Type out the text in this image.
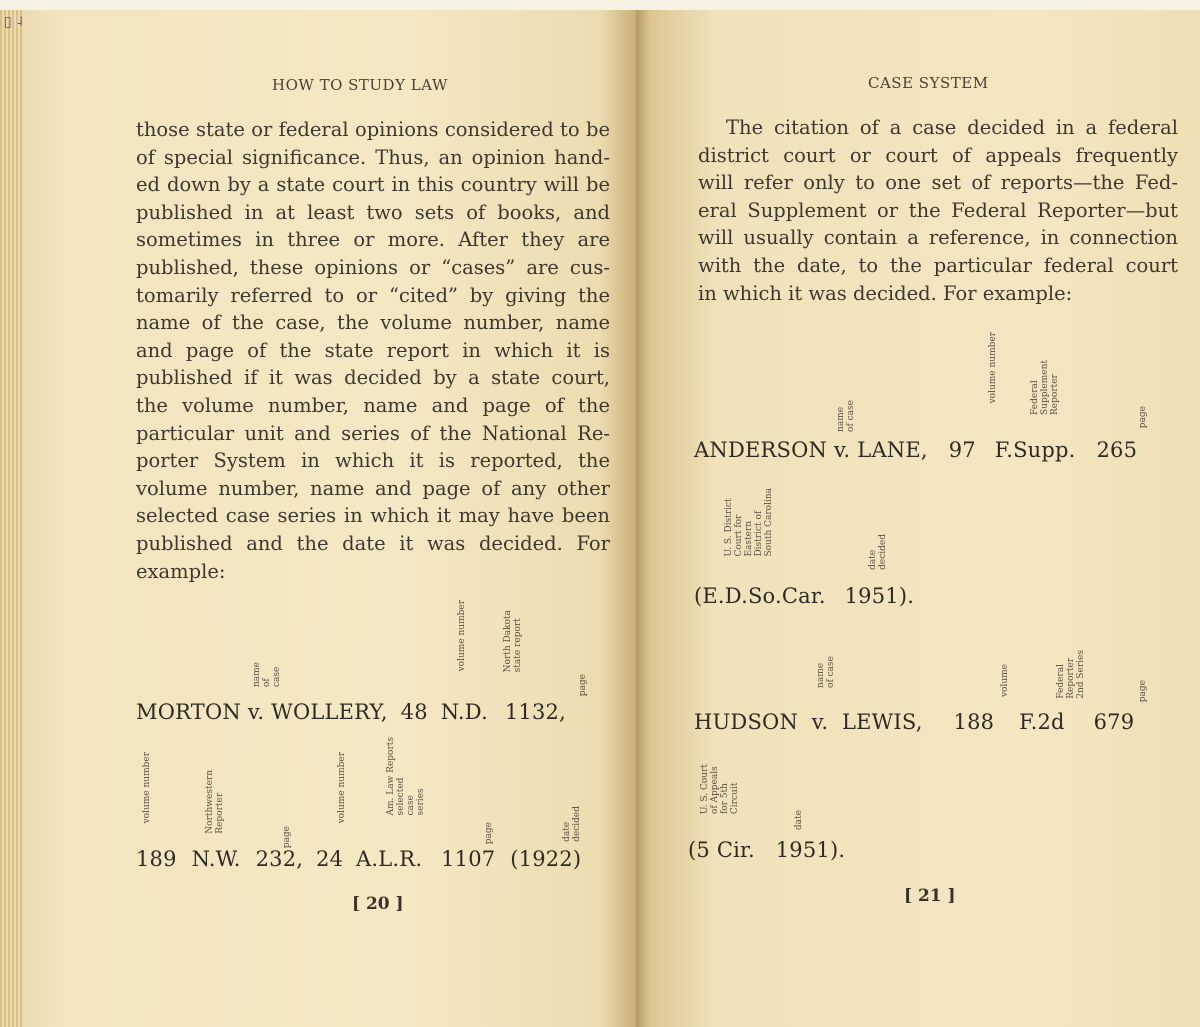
▯ ˨
HOW TO STUDY LAW
those state or federal opinions considered to be
of special significance. Thus, an opinion hand-
ed down by a state court in this country will be
published in at least two sets of books, and
sometimes in three or more. After they are
published, these opinions or “cases” are cus-
tomarily referred to or “cited” by giving the
name of the case, the volume number, name
and page of the state report in which it is
published if it was decided by a state court,
the volume number, name and page of the
particular unit and series of the National Re-
porter System in which it is reported, the
volume number, name and page of any other
selected case series in which it may have been
published and the date it was decided. For
example:
name of case
volume number	North Dakota state report
page
MORTON v. WOLLERY, 48 N.D. 1132,
volume number	Northwestern Reporter
page
volume number	Am. Law Reports selected case series
page	date decided
189 N.W. 232, 24 A.L.R. 1107 (1922)
[ 20 ]
CASE SYSTEM
The citation of a case decided in a federal
district court or court of appeals frequently
will refer only to one set of reports—the Fed-
eral Supplement or the Federal Reporter—but
will usually contain a reference, in connection
with the date, to the particular federal court
in which it was decided. For example:
name of case
volume number	Federal Supplement Reporter
page
ANDERSON v. LANE, 97 F.Supp. 265
U. S. District Court for Eastern District of South Carolina
date decided
(E.D.So.Car. 1951).
name of case	volume	Federal Reporter 2nd Series	page
HUDSON  v.  LEWIS, 188 F.2d 679
U. S. Court of Appeals for 5th Circuit
date
(5 Cir. 1951).
[ 21 ]
